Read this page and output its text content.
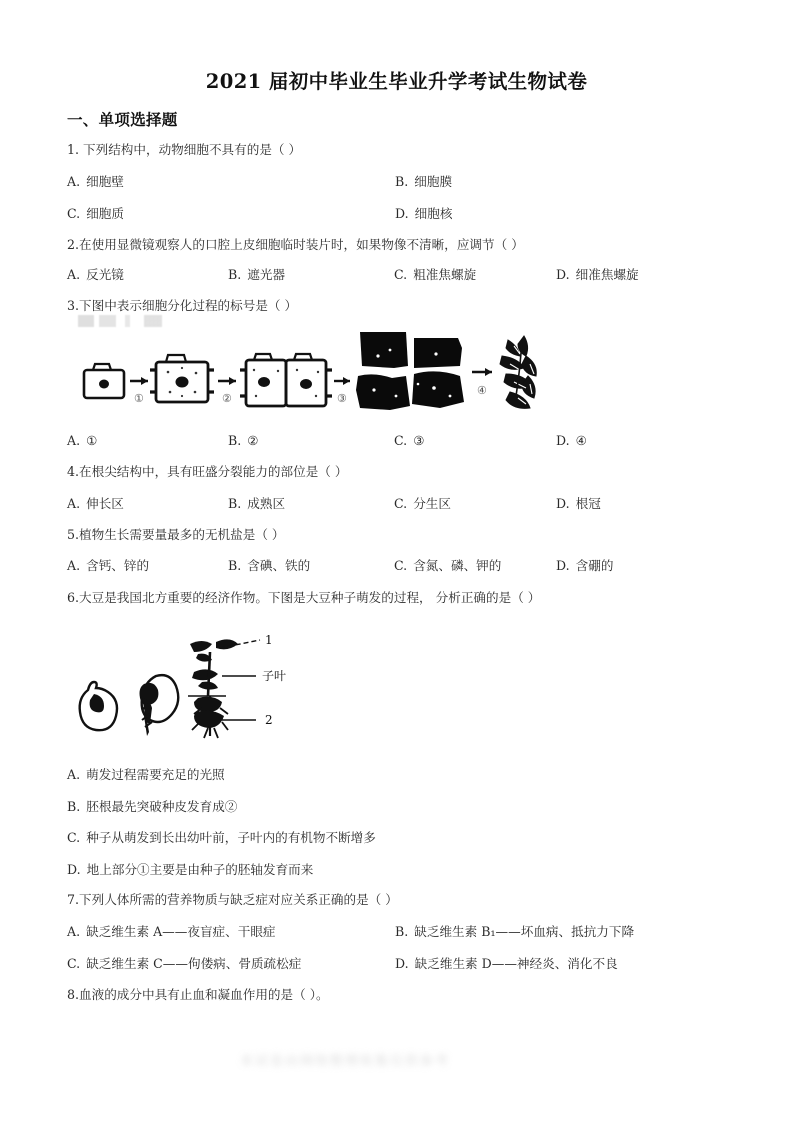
2021 届初中毕业生毕业升学考试生物试卷
一、单项选择题
1. 下列结构中，动物细胞不具有的是（ ）
A. 细胞壁	B. 细胞膜
C. 细胞质	D. 细胞核
2.在使用显微镜观察人的口腔上皮细胞临时装片时，如果物像不清晰，应调节（ ）
A. 反光镜	B. 遮光器	C. 粗准焦螺旋	D. 细准焦螺旋
3.下图中表示细胞分化过程的标号是（ ）
①	②	③
④
A. ①	B. ②	C. ③	D. ④
4.在根尖结构中，具有旺盛分裂能力的部位是（ ）
A. 伸长区	B. 成熟区	C. 分生区	D. 根冠
5.植物生长需要量最多的无机盐是（ ）
A. 含钙、锌的	B. 含碘、铁的	C. 含氮、磷、钾的	D. 含硼的
6.大豆是我国北方重要的经济作物。下图是大豆种子萌发的过程， 分析正确的是（ ）
1
子叶
2
A. 萌发过程需要充足的光照
B. 胚根最先突破种皮发育成②
C. 种子从萌发到长出幼叶前，子叶内的有机物不断增多
D. 地上部分①主要是由种子的胚轴发育而来
7.下列人体所需的营养物质与缺乏症对应关系正确的是（ ）
A. 缺乏维生素 A——夜盲症、干眼症	B. 缺乏维生素 B₁——坏血病、抵抗力下降
C. 缺乏维生素 C——佝偻病、骨质疏松症	D. 缺乏维生素 D——神经炎、消化不良
8.血液的成分中具有止血和凝血作用的是（ ）。
本试卷由网络整理收集仅供参考
